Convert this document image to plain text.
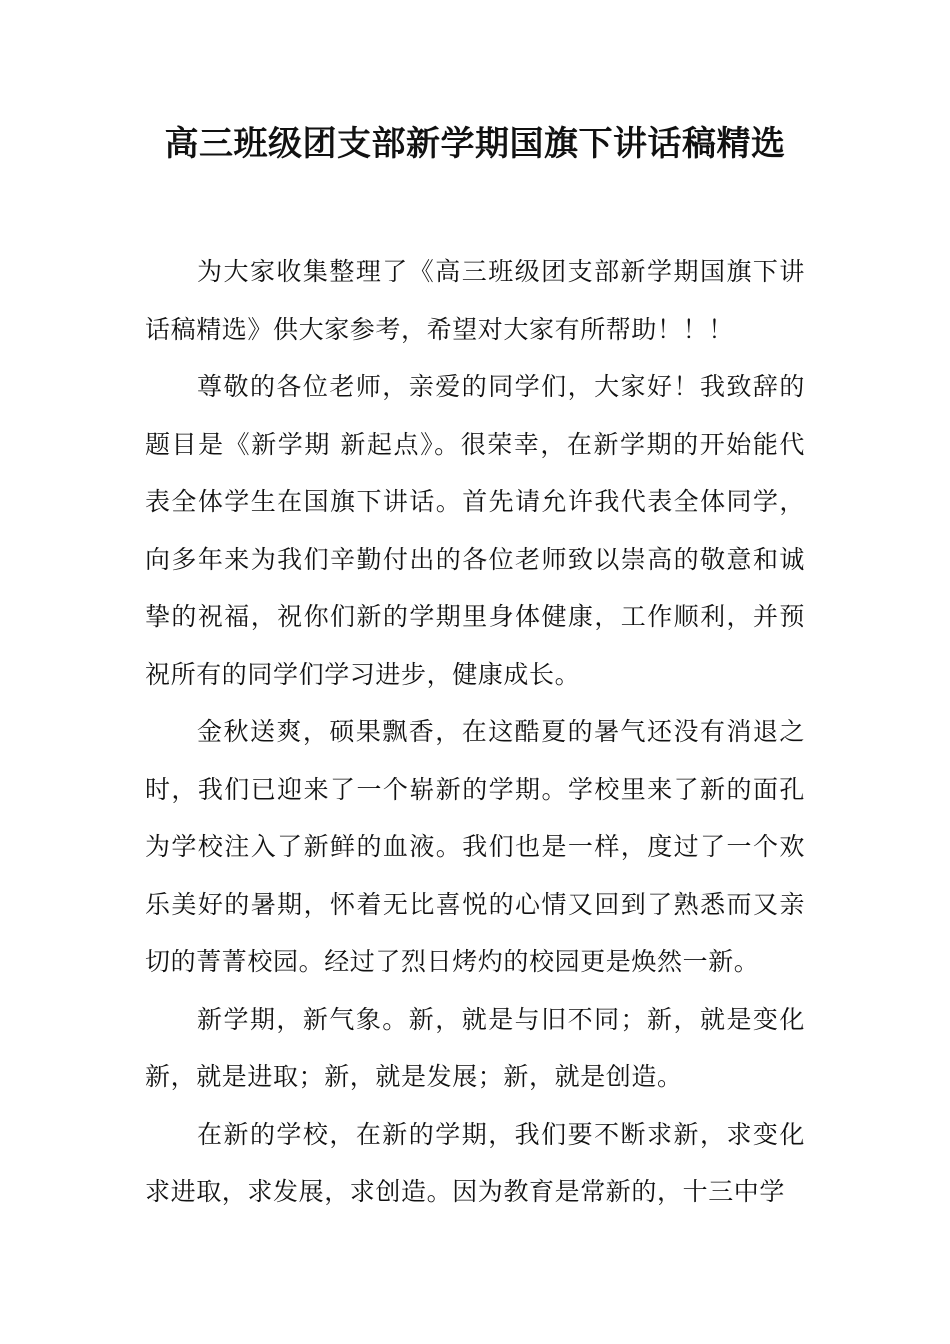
高三班级团支部新学期国旗下讲话稿精选

为大家收集整理了《高三班级团支部新学期国旗下讲话稿精选》供大家参考，希望对大家有所帮助！！！

尊敬的各位老师，亲爱的同学们，大家好！我致辞的题目是《新学期 新起点》。很荣幸，在新学期的开始能代表全体学生在国旗下讲话。首先请允许我代表全体同学，向多年来为我们辛勤付出的各位老师致以崇高的敬意和诚挚的祝福，祝你们新的学期里身体健康，工作顺利，并预祝所有的同学们学习进步，健康成长。

金秋送爽，硕果飘香，在这酷夏的暑气还没有消退之时，我们已迎来了一个崭新的学期。学校里来了新的面孔为学校注入了新鲜的血液。我们也是一样，度过了一个欢乐美好的暑期，怀着无比喜悦的心情又回到了熟悉而又亲切的菁菁校园。经过了烈日烤灼的校园更是焕然一新。

新学期，新气象。新，就是与旧不同；新，就是变化新，就是进取；新，就是发展；新，就是创造。

在新的学校，在新的学期，我们要不断求新，求变化求进取，求发展，求创造。因为教育是常新的，十三中学
